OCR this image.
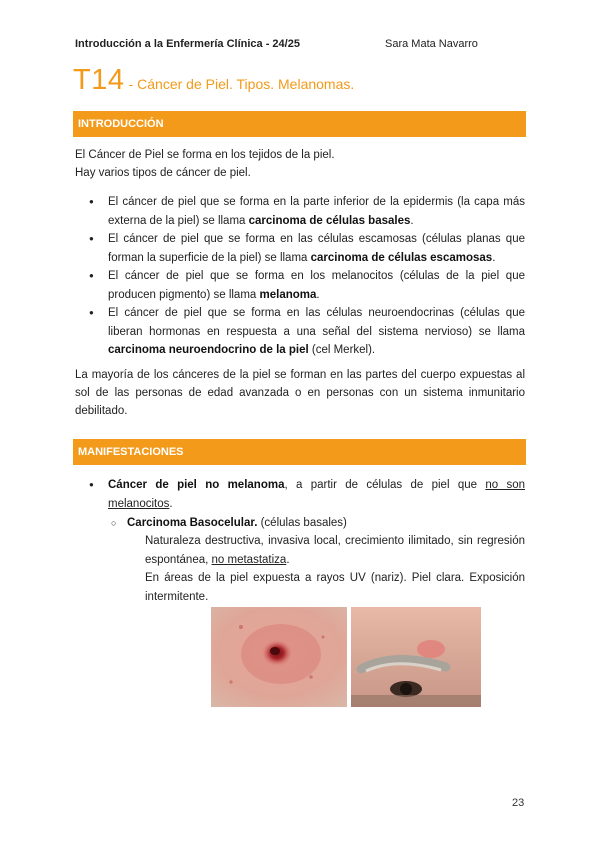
Introducción a la Enfermería Clínica - 24/25	Sara Mata Navarro
T14 - Cáncer de Piel. Tipos. Melanomas.
INTRODUCCIÓN
El Cáncer de Piel se forma en los tejidos de la piel.
Hay varios tipos de cáncer de piel.
● El cáncer de piel que se forma en la parte inferior de la epidermis (la capa más externa de la piel) se llama carcinoma de células basales.
● El cáncer de piel que se forma en las células escamosas (células planas que forman la superficie de la piel) se llama carcinoma de células escamosas.
● El cáncer de piel que se forma en los melanocitos (células de la piel que producen pigmento) se llama melanoma.
● El cáncer de piel que se forma en las células neuroendocrinas (células que liberan hormonas en respuesta a una señal del sistema nervioso) se llama carcinoma neuroendocrino de la piel (cel Merkel).
La mayoría de los cánceres de la piel se forman en las partes del cuerpo expuestas al sol de las personas de edad avanzada o en personas con un sistema inmunitario debilitado.
MANIFESTACIONES
● Cáncer de piel no melanoma, a partir de células de piel que no son melanocitos.
○ Carcinoma Basocelular. (células basales)
Naturaleza destructiva, invasiva local, crecimiento ilimitado, sin regresión espontánea, no metastatiza.
En áreas de la piel expuesta a rayos UV (nariz). Piel clara. Exposición intermitente.
23
